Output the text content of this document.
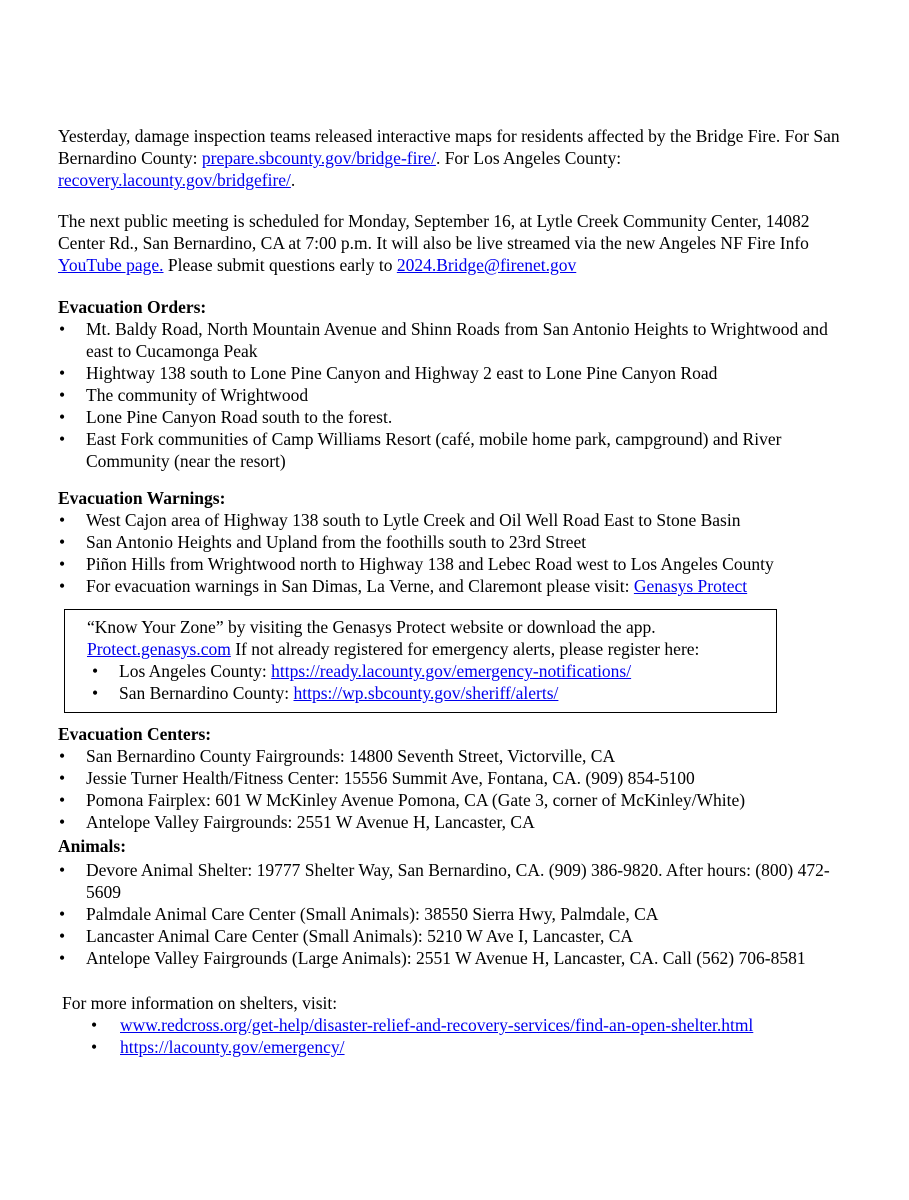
Yesterday, damage inspection teams released interactive maps for residents affected by the Bridge Fire. For San Bernardino County: prepare.sbcounty.gov/bridge-fire/. For Los Angeles County: recovery.lacounty.gov/bridgefire/.

The next public meeting is scheduled for Monday, September 16, at Lytle Creek Community Center, 14082 Center Rd., San Bernardino, CA at 7:00 p.m. It will also be live streamed via the new Angeles NF Fire Info YouTube page. Please submit questions early to 2024.Bridge@firenet.gov

Evacuation Orders:

• Mt. Baldy Road, North Mountain Avenue and Shinn Roads from San Antonio Heights to Wrightwood and east to Cucamonga Peak
• Hightway 138 south to Lone Pine Canyon and Highway 2 east to Lone Pine Canyon Road
• The community of Wrightwood
• Lone Pine Canyon Road south to the forest.
• East Fork communities of Camp Williams Resort (café, mobile home park, campground) and River Community (near the resort)

Evacuation Warnings:

• West Cajon area of Highway 138 south to Lytle Creek and Oil Well Road East to Stone Basin
• San Antonio Heights and Upland from the foothills south to 23rd Street
• Piñon Hills from Wrightwood north to Highway 138 and Lebec Road west to Los Angeles County
• For evacuation warnings in San Dimas, La Verne, and Claremont please visit: Genasys Protect

“Know Your Zone” by visiting the Genasys Protect website or download the app.
Protect.genasys.com If not already registered for emergency alerts, please register here:

• Los Angeles County: https://ready.lacounty.gov/emergency-notifications/
• San Bernardino County: https://wp.sbcounty.gov/sheriff/alerts/

Evacuation Centers:

• San Bernardino County Fairgrounds: 14800 Seventh Street, Victorville, CA
• Jessie Turner Health/Fitness Center: 15556 Summit Ave, Fontana, CA. (909) 854-5100
• Pomona Fairplex: 601 W McKinley Avenue Pomona, CA (Gate 3, corner of McKinley/White)
• Antelope Valley Fairgrounds: 2551 W Avenue H, Lancaster, CA

Animals:

• Devore Animal Shelter: 19777 Shelter Way, San Bernardino, CA. (909) 386-9820. After hours: (800) 472-5609
• Palmdale Animal Care Center (Small Animals): 38550 Sierra Hwy, Palmdale, CA
• Lancaster Animal Care Center (Small Animals): 5210 W Ave I, Lancaster, CA
• Antelope Valley Fairgrounds (Large Animals): 2551 W Avenue H, Lancaster, CA. Call (562) 706-8581

For more information on shelters, visit:

• www.redcross.org/get-help/disaster-relief-and-recovery-services/find-an-open-shelter.html
• https://lacounty.gov/emergency/
